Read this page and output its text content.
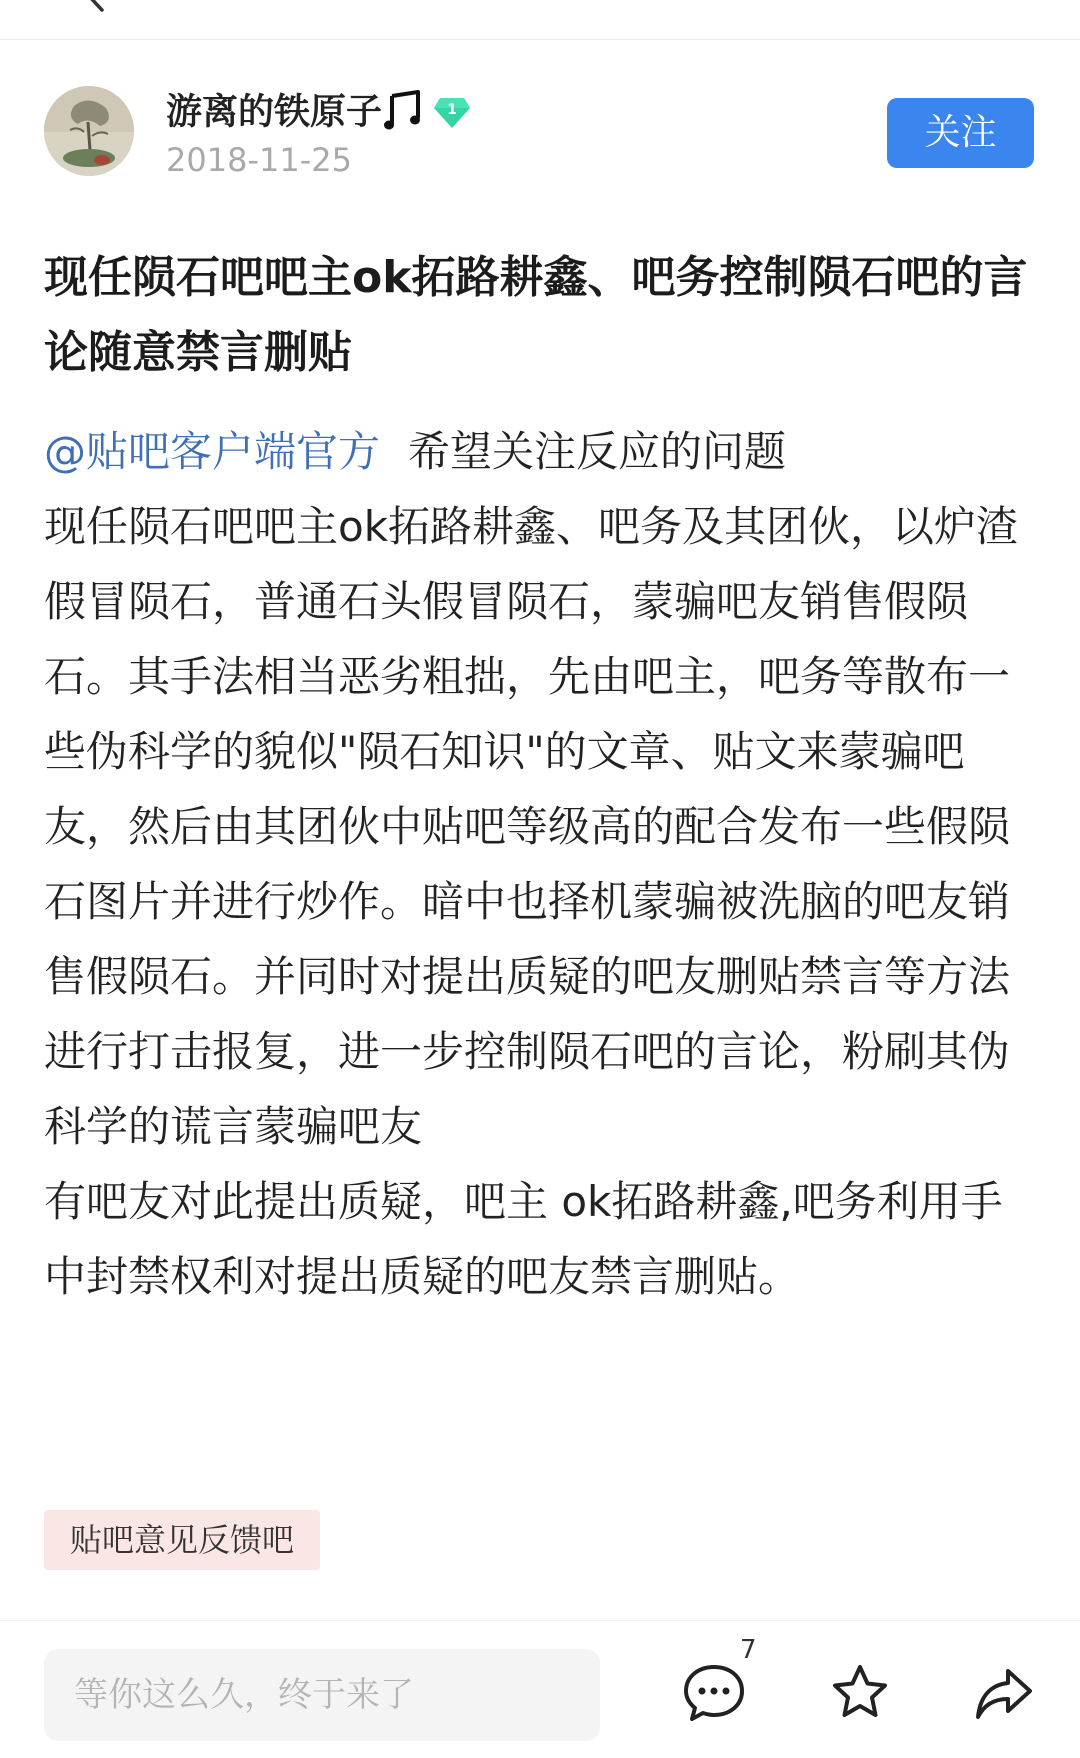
游离的铁原子	1
2018-11-25
关注
现任陨石吧吧主ok拓路耕鑫、吧务控制陨石吧的言论随意禁言删贴

@贴吧客户端官方 希望关注反应的问题

现任陨石吧吧主ok拓路耕鑫、吧务及其团伙，以炉渣假冒陨石，普通石头假冒陨石，蒙骗吧友销售假陨石。其手法相当恶劣粗拙，先由吧主，吧务等散布一些伪科学的貌似"陨石知识"的文章、贴文来蒙骗吧友，然后由其团伙中贴吧等级高的配合发布一些假陨石图片并进行炒作。暗中也择机蒙骗被洗脑的吧友销售假陨石。并同时对提出质疑的吧友删贴禁言等方法进行打击报复，进一步控制陨石吧的言论，粉刷其伪科学的谎言蒙骗吧友

有吧友对此提出质疑，吧主 ok拓路耕鑫,吧务利用手中封禁权利对提出质疑的吧友禁言删贴。

贴吧意见反馈吧
等你这么久，终于来了
7
